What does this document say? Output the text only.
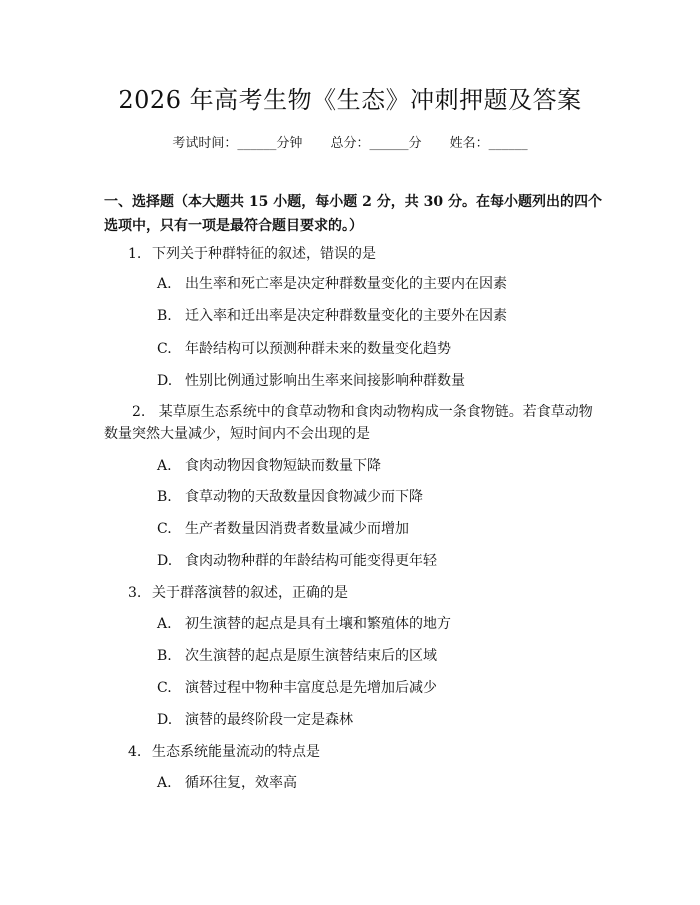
2026 年高考生物《生态》冲刺押题及答案
考试时间：______分钟 总分：______分 姓名：______
一、选择题（本大题共 15 小题，每小题 2 分，共 30 分。在每小题列出的四个选项中，只有一项是最符合题目要求的。）
1. 下列关于种群特征的叙述，错误的是
A. 出生率和死亡率是决定种群数量变化的主要内在因素
B. 迁入率和迁出率是决定种群数量变化的主要外在因素
C. 年龄结构可以预测种群未来的数量变化趋势
D. 性别比例通过影响出生率来间接影响种群数量
2. 某草原生态系统中的食草动物和食肉动物构成一条食物链。若食草动物数量突然大量减少，短时间内不会出现的是
A. 食肉动物因食物短缺而数量下降
B. 食草动物的天敌数量因食物减少而下降
C. 生产者数量因消费者数量减少而增加
D. 食肉动物种群的年龄结构可能变得更年轻
3. 关于群落演替的叙述，正确的是
A. 初生演替的起点是具有土壤和繁殖体的地方
B. 次生演替的起点是原生演替结束后的区域
C. 演替过程中物种丰富度总是先增加后减少
D. 演替的最终阶段一定是森林
4. 生态系统能量流动的特点是
A. 循环往复，效率高
